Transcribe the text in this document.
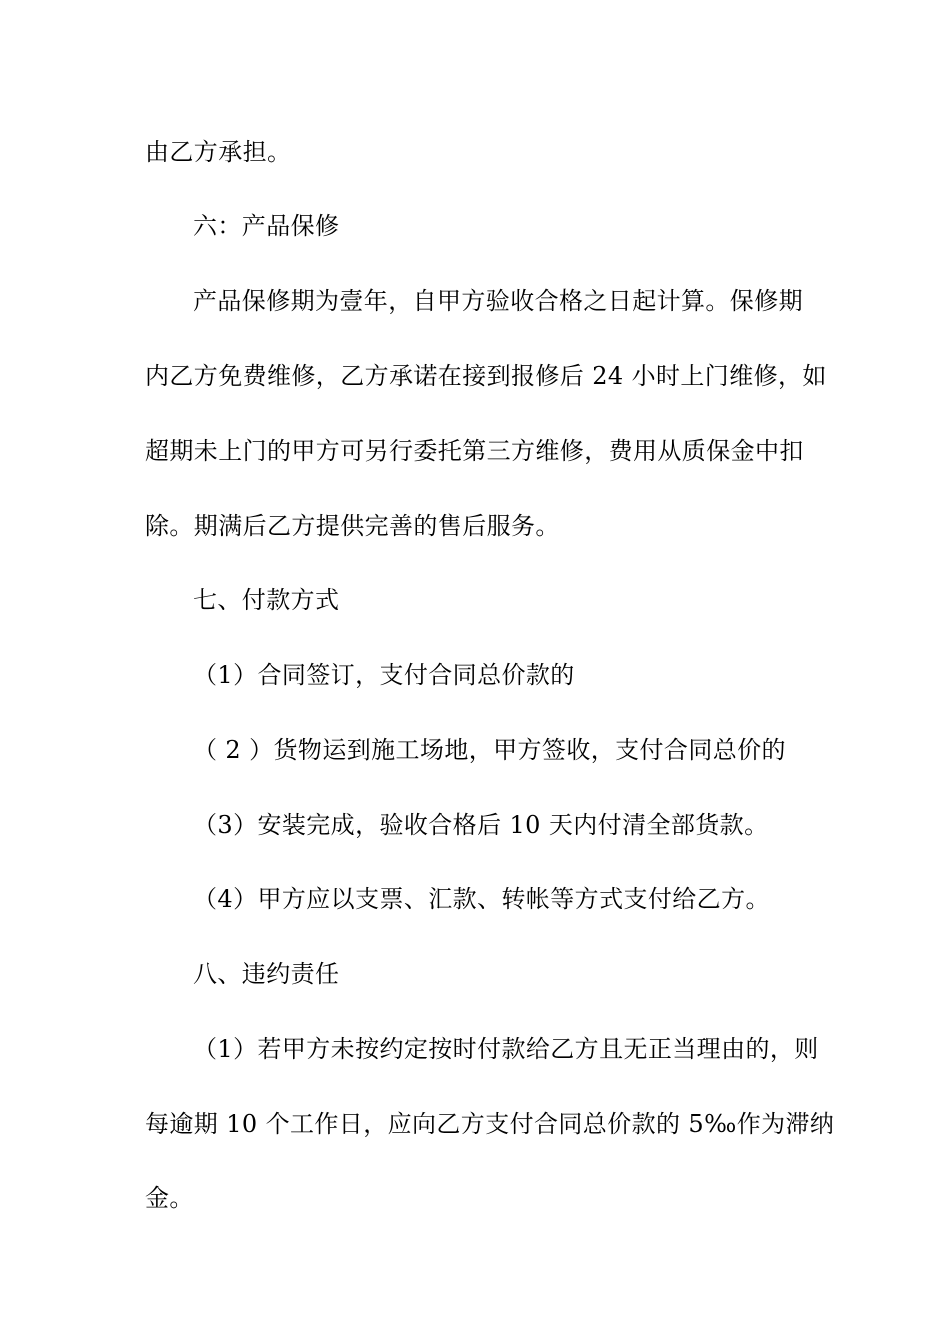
由乙方承担。
六：产品保修
产品保修期为壹年，自甲方验收合格之日起计算。保修期
内乙方免费维修，乙方承诺在接到报修后 24 小时上门维修，如
超期未上门的甲方可另行委托第三方维修，费用从质保金中扣
除。期满后乙方提供完善的售后服务。
七、付款方式
（1）合同签订，支付合同总价款的
（ 2 ）货物运到施工场地，甲方签收，支付合同总价的
（3）安装完成，验收合格后 10 天内付清全部货款。
（4）甲方应以支票、汇款、转帐等方式支付给乙方。
八、违约责任
（1）若甲方未按约定按时付款给乙方且无正当理由的，则
每逾期 10 个工作日，应向乙方支付合同总价款的 5‰作为滞纳
金。
